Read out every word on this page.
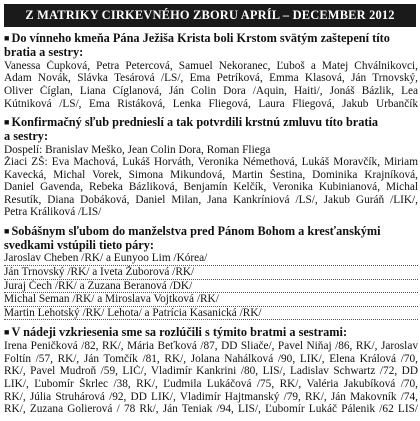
Z MATRIKY CIRKEVNÉHO ZBORU APRÍL – DECEMBER 2012
■ Do vínneho kmeňa Pána Ježiša Krista boli Krstom svätým zaštepení títo
bratia a sestry:
Vanessa Čupková, Petra Petercová, Samuel Nekoranec, Ľuboš a Matej Chválnikovci,
Adam Novák, Slávka Tesárová /LS/, Ema Petríková, Emma Klasová, Ján Trnovský,
Oliver Číglan, Liana Cíglanová, Ján Colin Dora /Aquin, Haiti/, Jonáš Bázlik, Lea
Kútniková /LS/, Ema Ristáková, Lenka Fliegová, Laura Fliegová, Jakub Urbančík
■ Konfirmačný sľub prednieslí a tak potvrdili krstnú zmluvu títo bratia
a sestry:
Dospelí: Branislav Meško, Jean Colin Dora, Roman Fliega
Žiaci ZŠ: Eva Machová, Lukáš Horváth, Veronika Némethová, Lukáš Moravčík, Miriam
Kavecká, Michal Vorek, Simona Mikundová, Martin Šestina, Dominika Krajníková,
Daniel Gavenda, Rebeka Bázliková, Benjamín Kelčík, Veronika Kubinianová, Michal
Resutík, Diana Dobáková, Daniel Milan, Jana Kankríniová /LS/, Jakub Guráň /LIK/,
Petra Králiková /LIS/
■ Sobášnym sľubom do manželstva pred Pánom Bohom a kresťanskými
svedkami vstúpili tieto páry:
Jaroslav Cheben /RK/ a Eunyoo Lim /Kórea/
Ján Trnovský /RK/ a Iveta Žuborová /RK/
Juraj Čech /RK/ a Zuzana Beranová /DK/
Michal Seman /RK/ a Miroslava Vojtková /RK/
Martin Lehotský /RK/ Lehota/ a Patrícia Kasanická /RK/
■ V nádeji vzkriesenia sme sa rozlúčili s týmito bratmi a sestrami:
Irena Peničková /82, RK/, Mária Beťková /87, DD Sliače/, Pavel Niňaj /86, RK/, Jaroslav
Foltín /57, RK/, Ján Tomčík /81, RK/, Jolana Nahálková /90, LIK/, Elena Králová /70,
RK/, Pavel Mudroň /59, LIČ/, Vladimír Kankrini /80, LIS/, Ladislav Schwartz /72, DD
LIK/, Ľubomír Škrlec /38, RK/, Ľudmila Lukáčová /75, RK/, Valéria Jakubíková /70,
RK/, Júlia Struhárová /92, DD LIK/, Vladimír Hajtmanský /79, RK/, Ján Makovník /74,
RK/, Zuzana Golierová / 78 Rk/, Ján Teniak /94, LIS/, Ľubomír Lukáč Pálenik /62 LIS/
